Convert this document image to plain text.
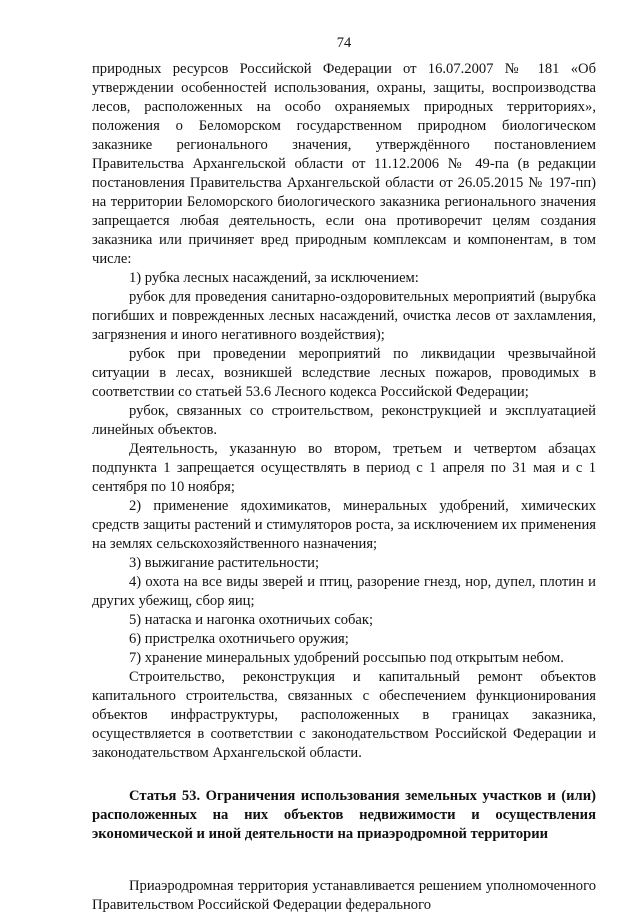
74

природных ресурсов Российской Федерации от 16.07.2007 № 181 «Об утверждении особенностей использования, охраны, защиты, воспроизводства лесов, расположенных на особо охраняемых природных территориях», положения о Беломорском государственном природном биологическом заказнике регионального значения, утверждённого постановлением Правительства Архангельской области от 11.12.2006 № 49-па (в редакции постановления Правительства Архангельской области от 26.05.2015 № 197-пп) на территории Беломорского биологического заказника регионального значения запрещается любая деятельность, если она противоречит целям создания заказника или причиняет вред природным комплексам и компонентам, в том числе:

1) рубка лесных насаждений, за исключением:

рубок для проведения санитарно-оздоровительных мероприятий (вырубка погибших и поврежденных лесных насаждений, очистка лесов от захламления, загрязнения и иного негативного воздействия);

рубок при проведении мероприятий по ликвидации чрезвычайной ситуации в лесах, возникшей вследствие лесных пожаров, проводимых в соответствии со статьей 53.6 Лесного кодекса Российской Федерации;

рубок, связанных со строительством, реконструкцией и эксплуатацией линейных объектов.

Деятельность, указанную во втором, третьем и четвертом абзацах подпункта 1 запрещается осуществлять в период с 1 апреля по 31 мая и с 1 сентября по 10 ноября;

2) применение ядохимикатов, минеральных удобрений, химических средств защиты растений и стимуляторов роста, за исключением их применения на землях сельскохозяйственного назначения;

3) выжигание растительности;

4) охота на все виды зверей и птиц, разорение гнезд, нор, дупел, плотин и других убежищ, сбор яиц;

5) натаска и нагонка охотничьих собак;

6) пристрелка охотничьего оружия;

7) хранение минеральных удобрений россыпью под открытым небом.

Строительство, реконструкция и капитальный ремонт объектов капитального строительства, связанных с обеспечением функционирования объектов инфраструктуры, расположенных в границах заказника, осуществляется в соответствии с законодательством Российской Федерации и законодательством Архангельской области.

Статья 53. Ограничения использования земельных участков и (или) расположенных на них объектов недвижимости и осуществления экономической и иной деятельности на приаэродромной территории

Приаэродромная территория устанавливается решением уполномоченного Правительством Российской Федерации федерального
